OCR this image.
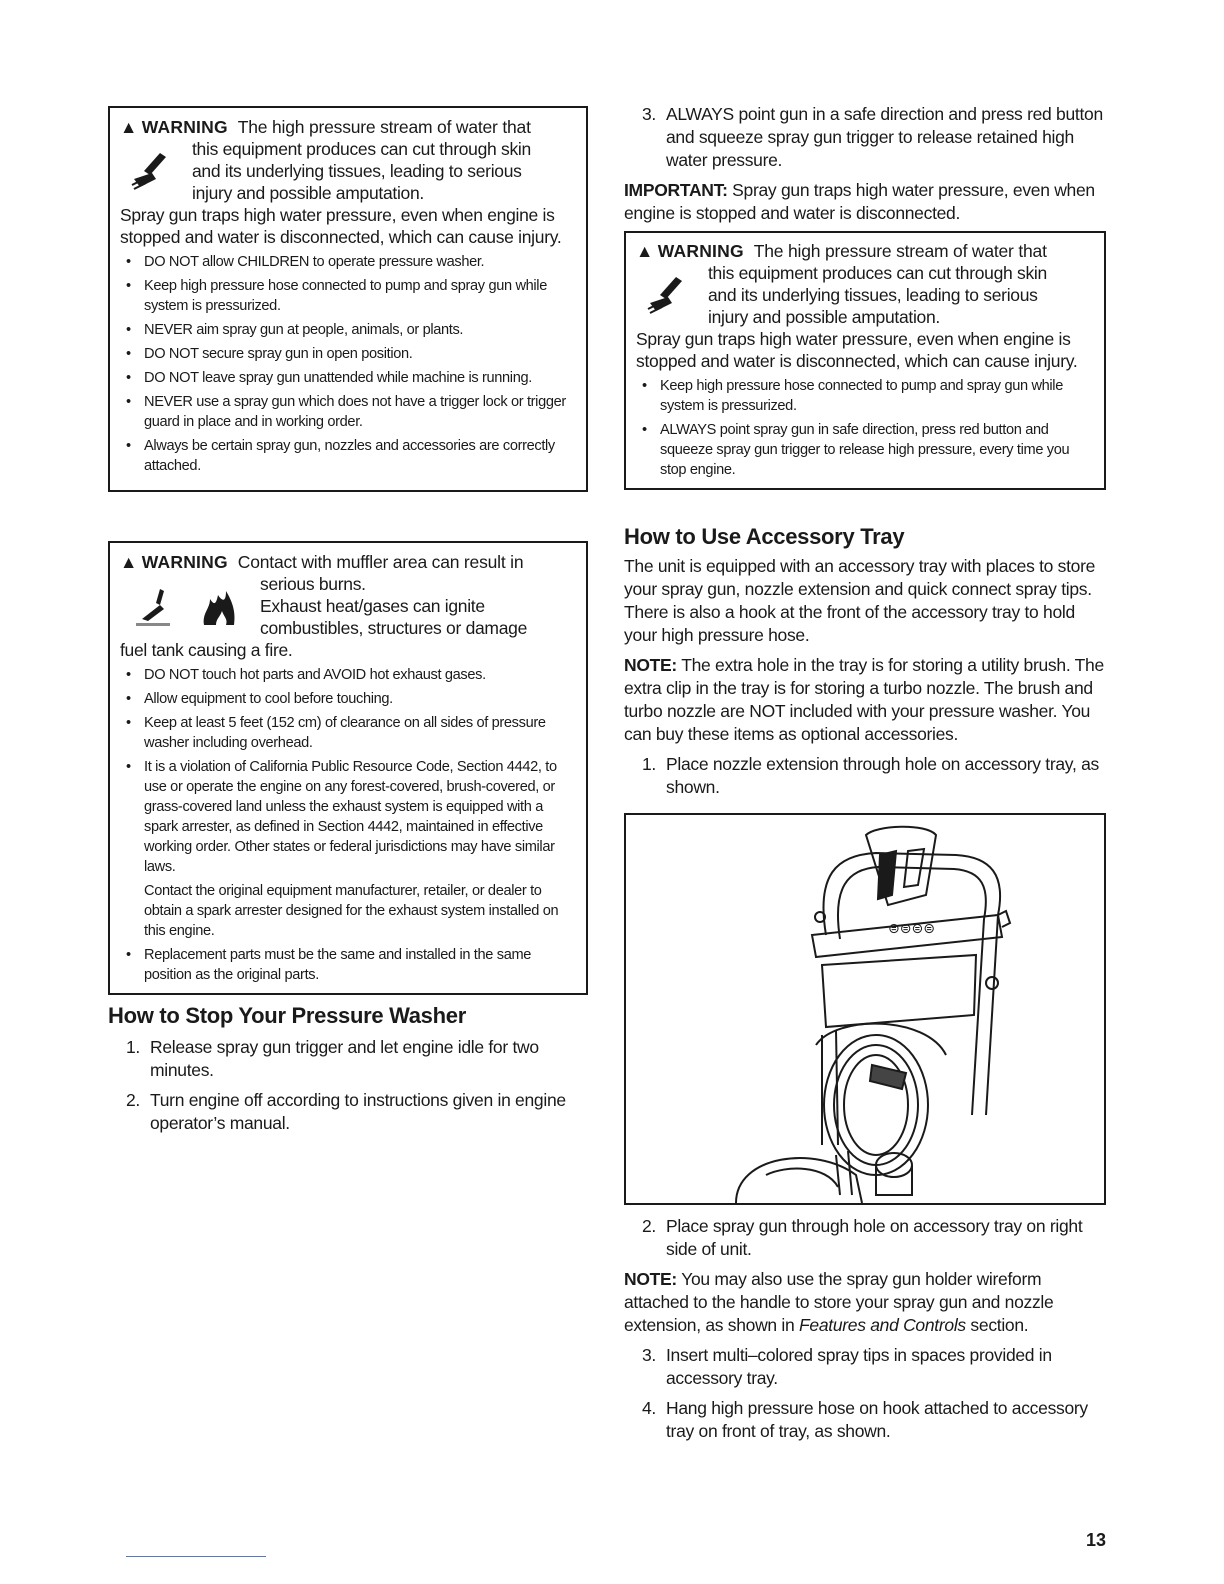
▲ WARNING The high pressure stream of water that
this equipment produces can cut through skin
and its underlying tissues, leading to serious
injury and possible amputation.
Spray gun traps high water pressure, even when engine is stopped and water is disconnected, which can cause injury.
• DO NOT allow CHILDREN to operate pressure washer.
• Keep high pressure hose connected to pump and spray gun while system is pressurized.
• NEVER aim spray gun at people, animals, or plants.
• DO NOT secure spray gun in open position.
• DO NOT leave spray gun unattended while machine is running.
• NEVER use a spray gun which does not have a trigger lock or trigger guard in place and in working order.
• Always be certain spray gun, nozzles and accessories are correctly attached.
▲ WARNING Contact with muffler area can result in
serious burns.
Exhaust heat/gases can ignite
combustibles, structures or damage
fuel tank causing a fire.
• DO NOT touch hot parts and AVOID hot exhaust gases.
• Allow equipment to cool before touching.
• Keep at least 5 feet (152 cm) of clearance on all sides of pressure washer including overhead.
• It is a violation of California Public Resource Code, Section 4442, to use or operate the engine on any forest-covered, brush-covered, or grass-covered land unless the exhaust system is equipped with a spark arrester, as defined in Section 4442, maintained in effective working order. Other states or federal jurisdictions may have similar laws.
Contact the original equipment manufacturer, retailer, or dealer to obtain a spark arrester designed for the exhaust system installed on this engine.
• Replacement parts must be the same and installed in the same position as the original parts.
How to Stop Your Pressure Washer
1. Release spray gun trigger and let engine idle for two minutes.
2. Turn engine off according to instructions given in engine operator’s manual.
3. ALWAYS point gun in a safe direction and press red button and squeeze spray gun trigger to release retained high water pressure.

IMPORTANT: Spray gun traps high water pressure, even when engine is stopped and water is disconnected.

▲ WARNING The high pressure stream of water that
this equipment produces can cut through skin
and its underlying tissues, leading to serious
injury and possible amputation.
Spray gun traps high water pressure, even when engine is stopped and water is disconnected, which can cause injury.
• Keep high pressure hose connected to pump and spray gun while system is pressurized.
• ALWAYS point spray gun in safe direction, press red button and squeeze spray gun trigger to release high pressure, every time you stop engine.
How to Use Accessory Tray

The unit is equipped with an accessory tray with places to store your spray gun, nozzle extension and quick connect spray tips. There is also a hook at the front of the accessory tray to hold your high pressure hose.

NOTE: The extra hole in the tray is for storing a utility brush. The extra clip in the tray is for storing a turbo nozzle. The brush and turbo nozzle are NOT included with your pressure washer. You can buy these items as optional accessories.

1. Place nozzle extension through hole on accessory tray, as shown.
⊜⊜⊜⊜
2. Place spray gun through hole on accessory tray on right side of unit.

NOTE: You may also use the spray gun holder wireform attached to the handle to store your spray gun and nozzle extension, as shown in Features and Controls section.

3. Insert multi–colored spray tips in spaces provided in accessory tray.
4. Hang high pressure hose on hook attached to accessory tray on front of tray, as shown.
13
